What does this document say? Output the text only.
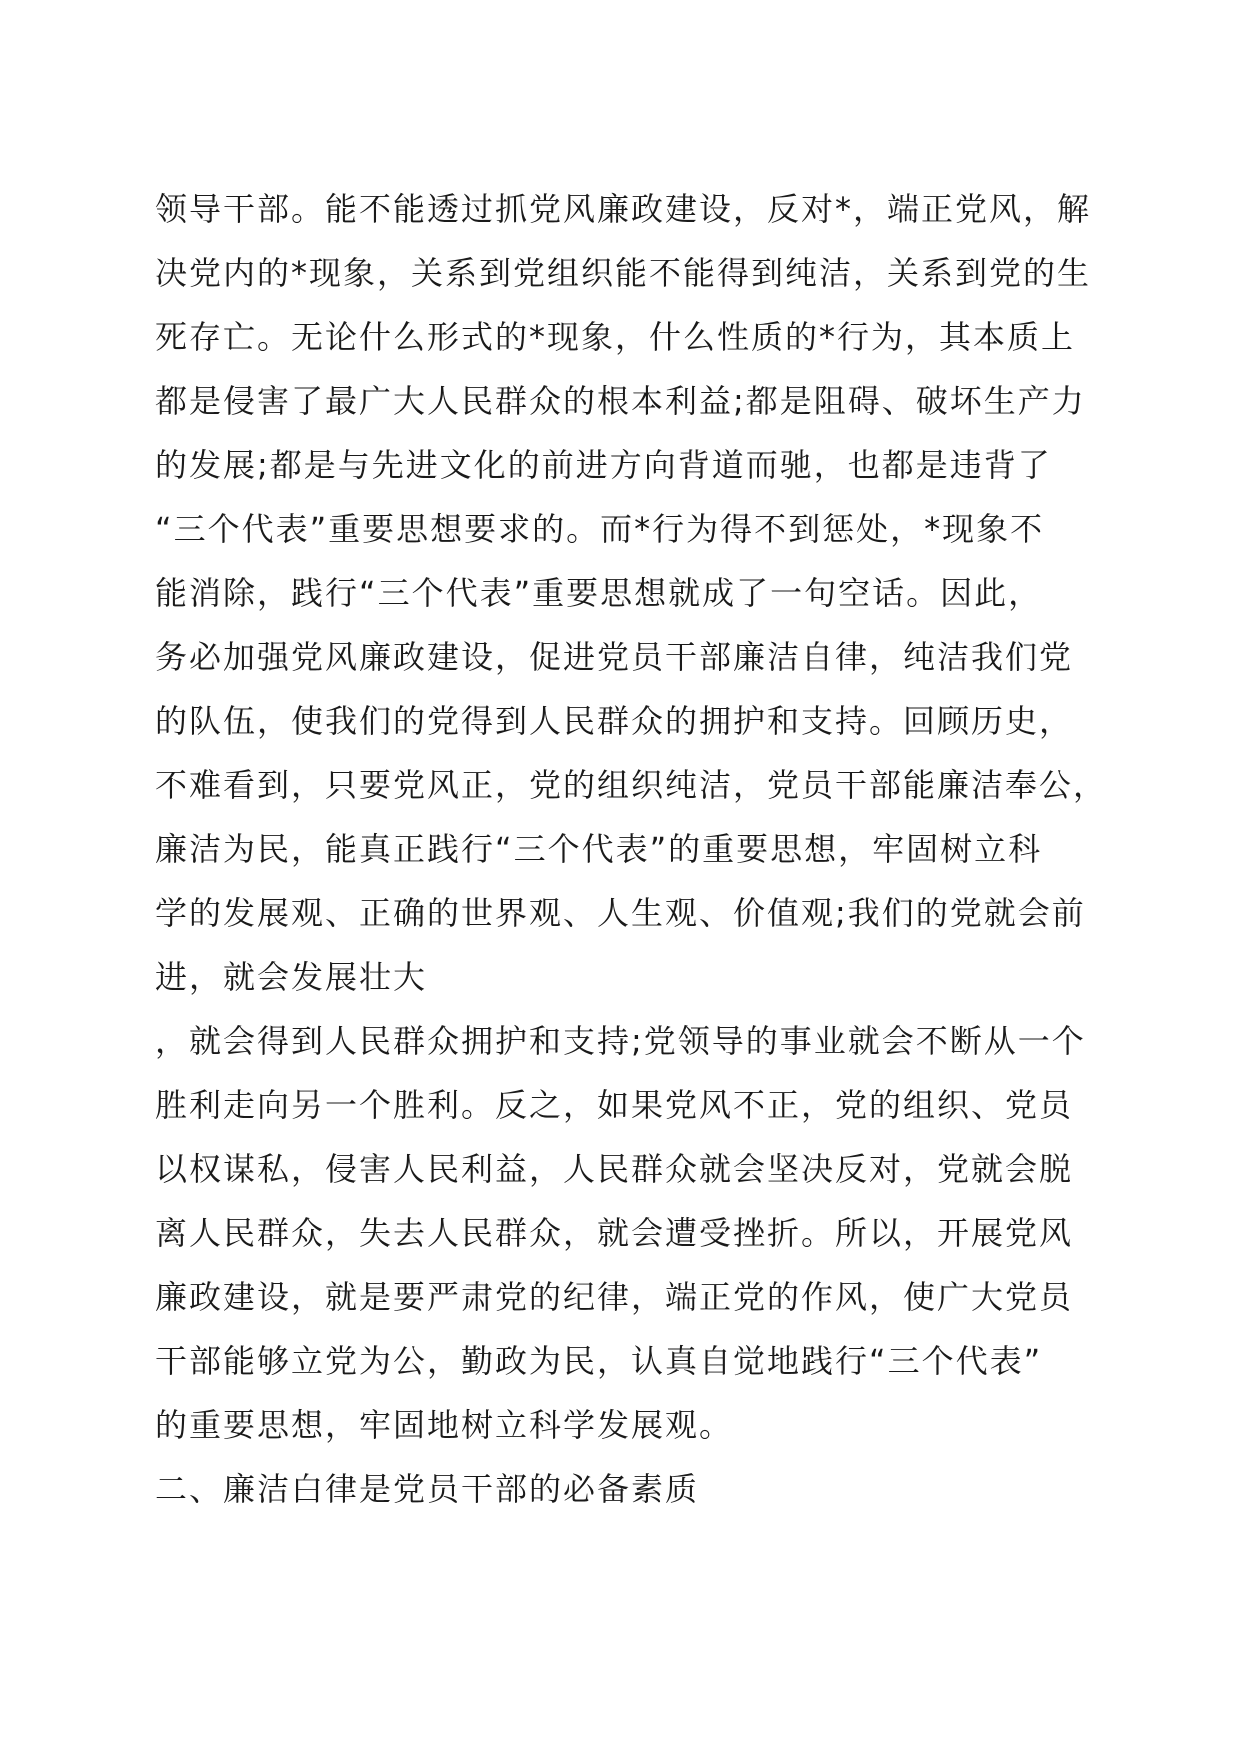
领导干部。能不能透过抓党风廉政建设，反对*，端正党风，解
决党内的*现象，关系到党组织能不能得到纯洁，关系到党的生
死存亡。无论什么形式的*现象，什么性质的*行为，其本质上
都是侵害了最广大人民群众的根本利益;都是阻碍、破坏生产力
的发展;都是与先进文化的前进方向背道而驰，也都是违背了
“三个代表”重要思想要求的。而*行为得不到惩处，*现象不
能消除，践行“三个代表”重要思想就成了一句空话。因此，
务必加强党风廉政建设，促进党员干部廉洁自律，纯洁我们党
的队伍，使我们的党得到人民群众的拥护和支持。回顾历史，
不难看到，只要党风正，党的组织纯洁，党员干部能廉洁奉公，
廉洁为民，能真正践行“三个代表”的重要思想，牢固树立科
学的发展观、正确的世界观、人生观、价值观;我们的党就会前
进，就会发展壮大
，就会得到人民群众拥护和支持;党领导的事业就会不断从一个
胜利走向另一个胜利。反之，如果党风不正，党的组织、党员
以权谋私，侵害人民利益，人民群众就会坚决反对，党就会脱
离人民群众，失去人民群众，就会遭受挫折。所以，开展党风
廉政建设，就是要严肃党的纪律，端正党的作风，使广大党员
干部能够立党为公，勤政为民，认真自觉地践行“三个代表”
的重要思想，牢固地树立科学发展观。
二、廉洁白律是党员干部的必备素质
